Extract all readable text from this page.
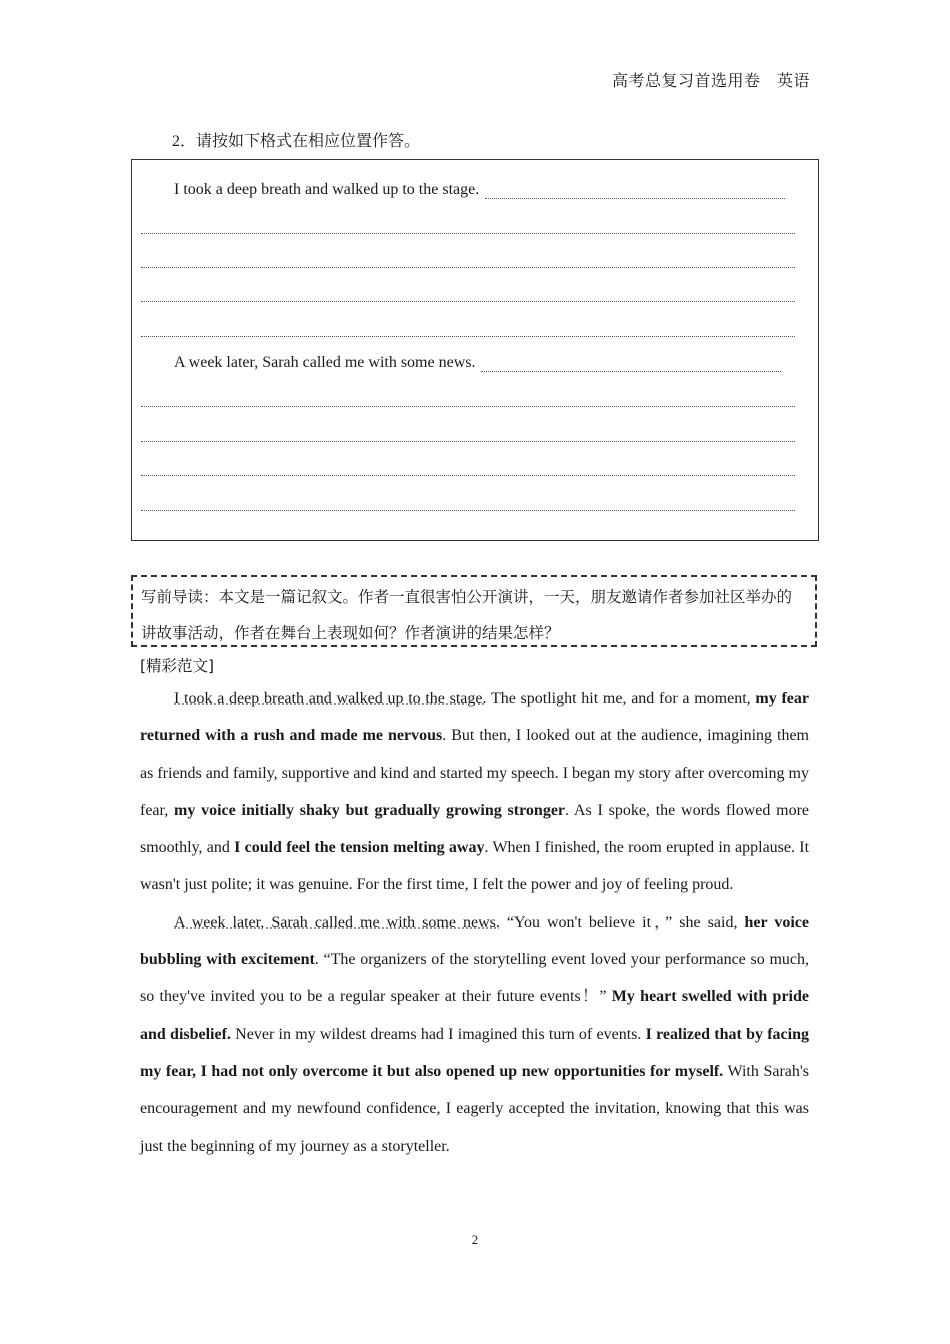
高考总复习首选用卷　英语
2．请按如下格式在相应位置作答。
I took a deep breath and walked up to the stage.
A week later, Sarah called me with some news.
写前导读：本文是一篇记叙文。作者一直很害怕公开演讲，一天，朋友邀请作者参加社区举办的讲故事活动，作者在舞台上表现如何？作者演讲的结果怎样？
[精彩范文]

I took a deep breath and walked up to the stage. The spotlight hit me, and for a moment, my fear returned with a rush and made me nervous. But then, I looked out at the audience, imagining them as friends and family, supportive and kind and started my speech. I began my story after overcoming my fear, my voice initially shaky but gradually growing stronger. As I spoke, the words flowed more smoothly, and I could feel the tension melting away. When I finished, the room erupted in applause. It wasn't just polite; it was genuine. For the first time, I felt the power and joy of feeling proud.

A week later, Sarah called me with some news. “You won't believe it，” she said, her voice bubbling with excitement. “The organizers of the storytelling event loved your performance so much, so they've invited you to be a regular speaker at their future events！” My heart swelled with pride and disbelief. Never in my wildest dreams had I imagined this turn of events. I realized that by facing my fear, I had not only overcome it but also opened up new opportunities for myself. With Sarah's encouragement and my newfound confidence, I eagerly accepted the invitation, knowing that this was just the beginning of my journey as a storyteller.

2
